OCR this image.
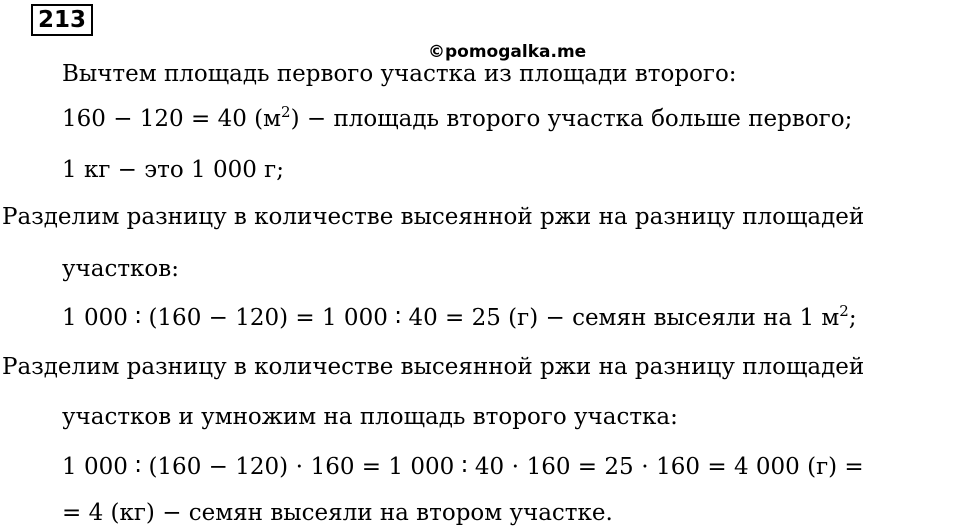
213
©pomogalka.me
Вычтем площадь первого участка из площади второго:
160 − 120 = 40 $(м^2)$ − площадь второго участка больше первого;
1 кг − это 1 000 г;
Разделим разницу в количестве высеянной ржи на разницу площадей
участков:
1 000 ∶ (160 − 120) = 1 000 ∶ 40 = 25 (г) − семян высеяли на 1 $м^2$;
Разделим разницу в количестве высеянной ржи на разницу площадей
участков и умножим на площадь второго участка:
1 000 ∶ (160 − 120) ⋅ 160 = 1 000 ∶ 40 ⋅ 160 = 25 ⋅ 160 = 4 000 (г) =
= 4 (кг) − семян высеяли на втором участке.
